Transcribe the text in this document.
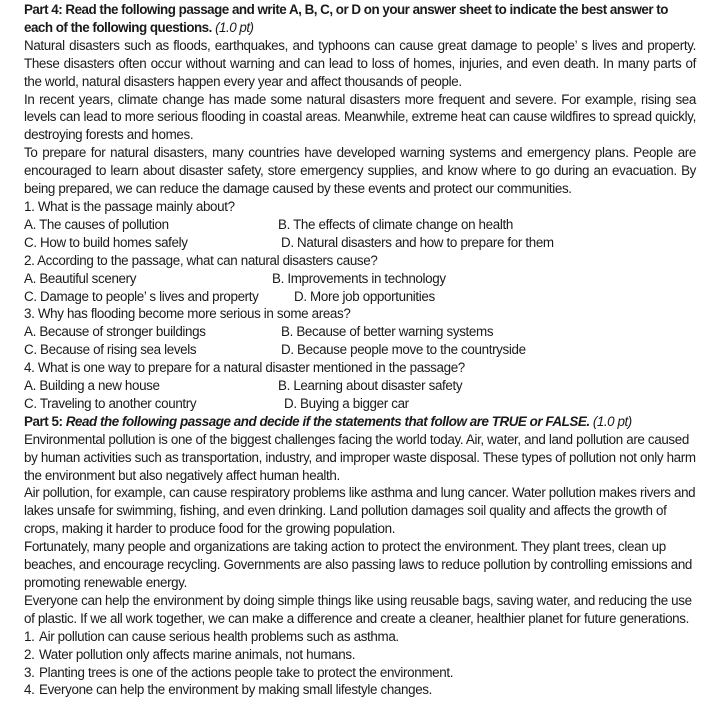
Part 4: Read the following passage and write A, B, C, or D on your answer sheet to indicate the best answer to each of the following questions. (1.0 pt)
Natural disasters such as floods, earthquakes, and typhoons can cause great damage to people’ s lives and property. These disasters often occur without warning and can lead to loss of homes, injuries, and even death. In many parts of the world, natural disasters happen every year and affect thousands of people.
In recent years, climate change has made some natural disasters more frequent and severe. For example, rising sea levels can lead to more serious flooding in coastal areas. Meanwhile, extreme heat can cause wildfires to spread quickly, destroying forests and homes.
To prepare for natural disasters, many countries have developed warning systems and emergency plans. People are encouraged to learn about disaster safety, store emergency supplies, and know where to go during an evacuation. By being prepared, we can reduce the damage caused by these events and protect our communities.
1. What is the passage mainly about?
A. The causes of pollution	B. The effects of climate change on health
C. How to build homes safely	D. Natural disasters and how to prepare for them
2. According to the passage, what can natural disasters cause?
A. Beautiful scenery	B. Improvements in technology
C. Damage to people’ s lives and property	D. More job opportunities
3. Why has flooding become more serious in some areas?
A. Because of stronger buildings	B. Because of better warning systems
C. Because of rising sea levels	D. Because people move to the countryside
4. What is one way to prepare for a natural disaster mentioned in the passage?
A. Building a new house	B. Learning about disaster safety
C. Traveling to another country	D. Buying a bigger car
Part 5: Read the following passage and decide if the statements that follow are TRUE or FALSE. (1.0 pt)
Environmental pollution is one of the biggest challenges facing the world today. Air, water, and land pollution are caused by human activities such as transportation, industry, and improper waste disposal. These types of pollution not only harm the environment but also negatively affect human health.
Air pollution, for example, can cause respiratory problems like asthma and lung cancer. Water pollution makes rivers and lakes unsafe for swimming, fishing, and even drinking. Land pollution damages soil quality and affects the growth of crops, making it harder to produce food for the growing population.
Fortunately, many people and organizations are taking action to protect the environment. They plant trees, clean up beaches, and encourage recycling. Governments are also passing laws to reduce pollution by controlling emissions and promoting renewable energy.
Everyone can help the environment by doing simple things like using reusable bags, saving water, and reducing the use of plastic. If we all work together, we can make a difference and create a cleaner, healthier planet for future generations.
1. Air pollution can cause serious health problems such as asthma.
2. Water pollution only affects marine animals, not humans.
3. Planting trees is one of the actions people take to protect the environment.
4. Everyone can help the environment by making small lifestyle changes.
